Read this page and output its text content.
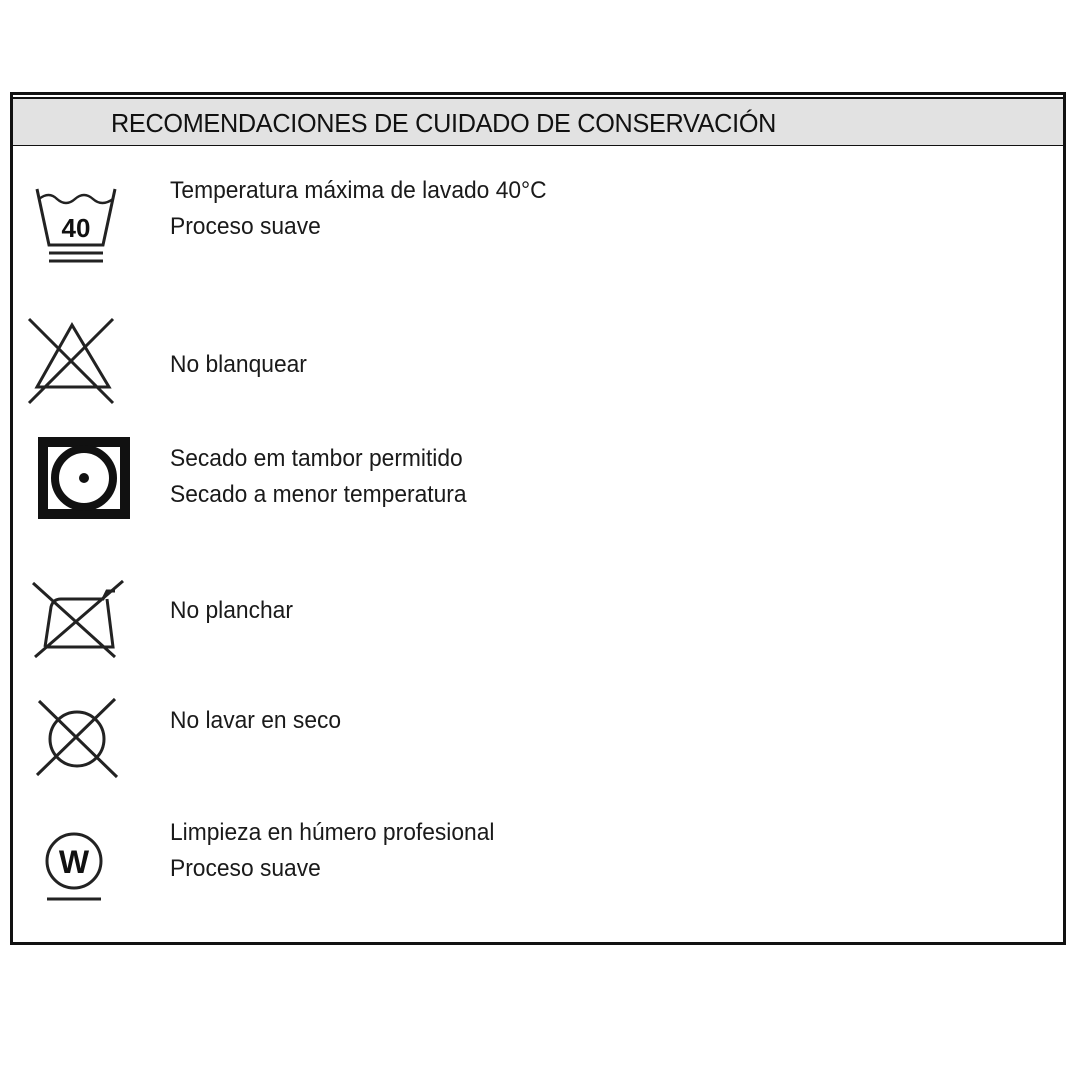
RECOMENDACIONES DE CUIDADO DE CONSERVACIÓN
40
Temperatura máxima de lavado 40°C
Proceso suave
No blanquear
Secado em tambor permitido
Secado a menor temperatura
No planchar
No lavar en seco
W
Limpieza en húmero profesional
Proceso suave
